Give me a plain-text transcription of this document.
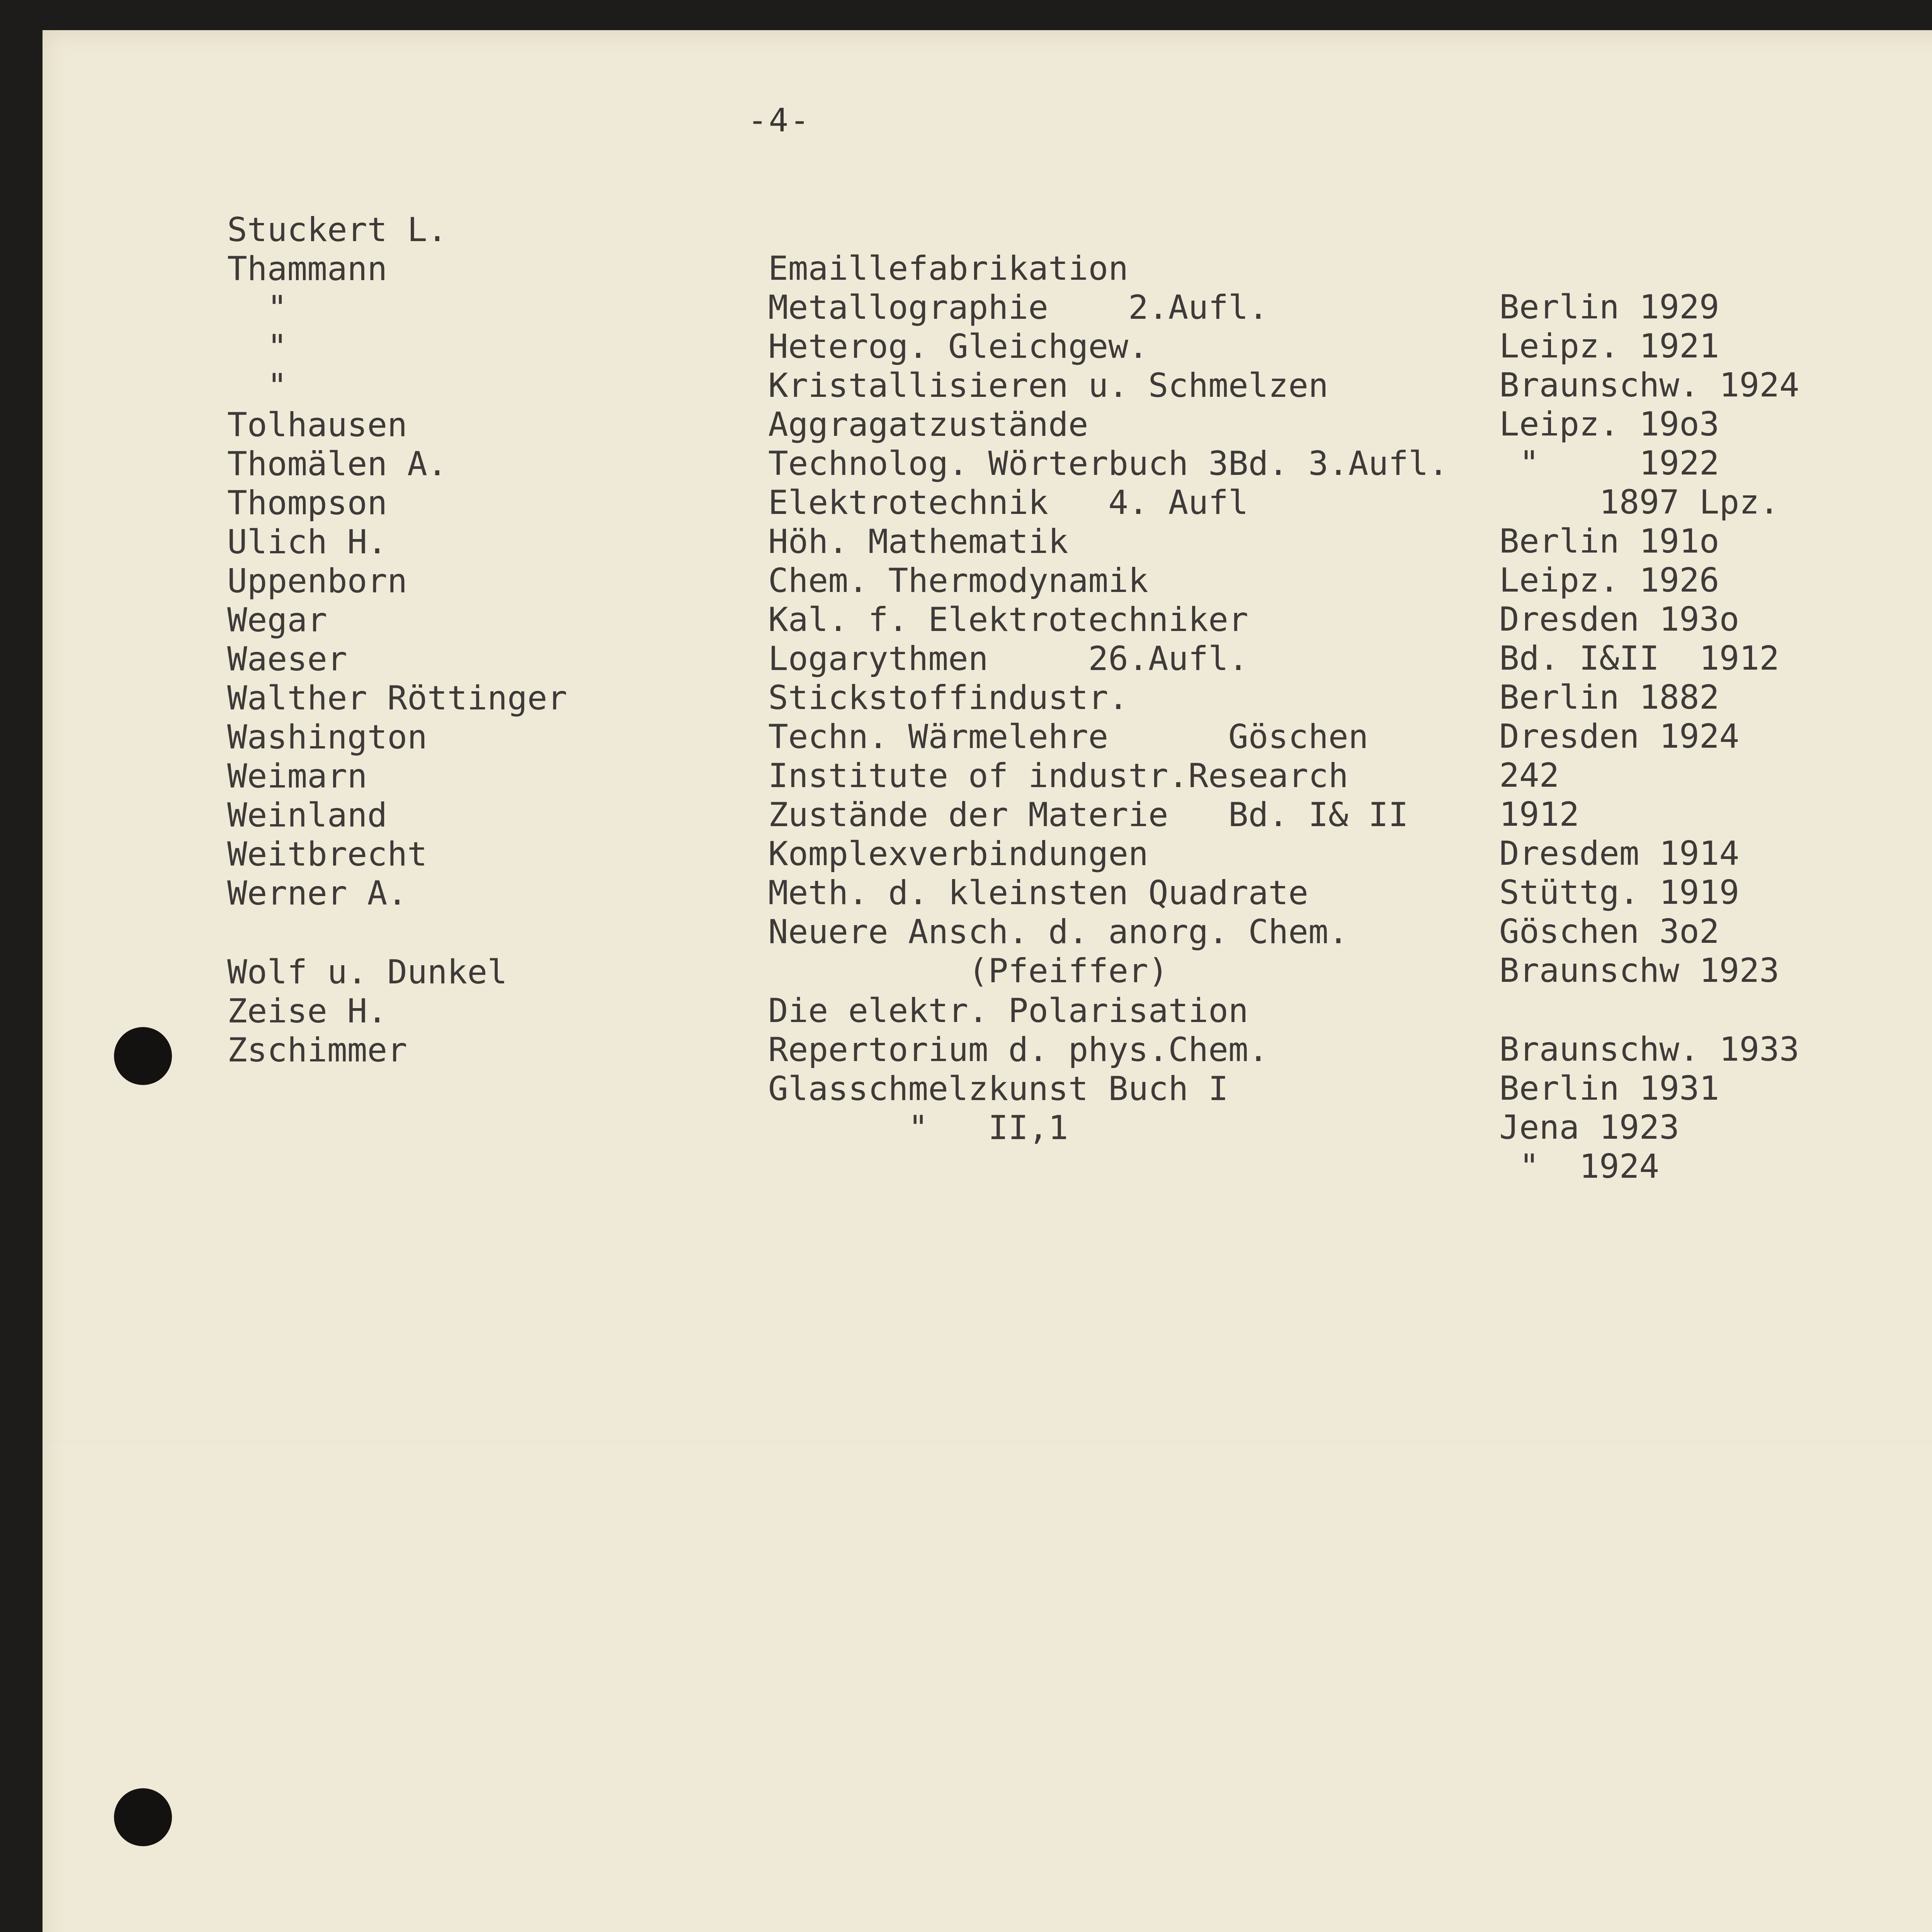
-4-

Stuckert L.

Emaillefabrikation

Berlin 1929

Thammann

Metallographie    2.Aufl.

Leipz. 1921

"

Heterog. Gleichgew.

Braunschw. 1924

"

Kristallisieren u. Schmelzen

Leipz. 19o3

"

Aggragatzustände

"     1922

Tolhausen

Technolog. Wörterbuch 3Bd. 3.Aufl.

1897 Lpz.

Thomälen A.

Elektrotechnik   4. Aufl

Berlin 191o

Thompson

Höh. Mathematik

Leipz. 1926

Ulich H.

Chem. Thermodynamik

Dresden 193o

Uppenborn

Kal. f. Elektrotechniker

Bd. I&II  1912

Wegar

Logarythmen     26.Aufl.

Berlin 1882

Waeser

Stickstoffindustr.

Dresden 1924

Walther Röttinger

Techn. Wärmelehre      Göschen

242

Washington

Institute of industr.Research

1912

Weimarn

Zustände der Materie   Bd. I& II

Dresdem 1914

Weinland

Komplexverbindungen

Stüttg. 1919

Weitbrecht

Meth. d. kleinsten Quadrate

Göschen 3o2

Werner A.

Neuere Ansch. d. anorg. Chem.

Braunschw 1923

(Pfeiffer)

Wolf u. Dunkel

Die elektr. Polarisation

Braunschw. 1933

Zeise H.

Repertorium d. phys.Chem.

Berlin 1931

Zschimmer

Glasschmelzkunst Buch I

Jena 1923

"   II,1

"  1924
